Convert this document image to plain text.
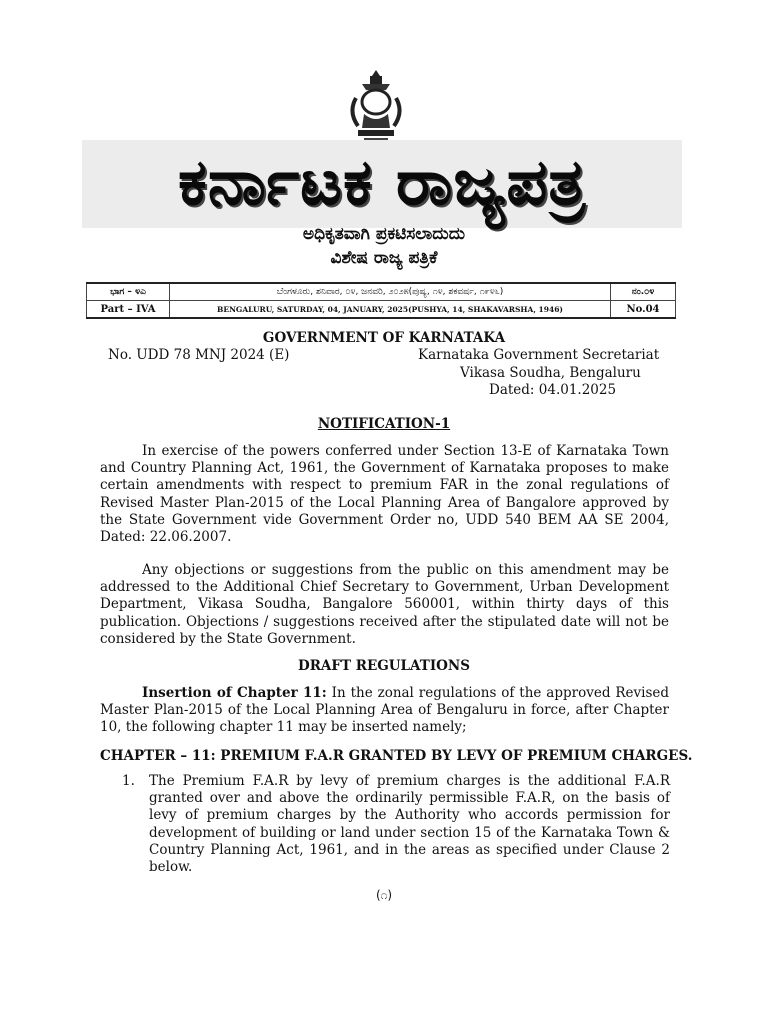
ಕರ್ನಾಟಕ ರಾಜ್ಯಪತ್ರ
ಅಧಿಕೃತವಾಗಿ ಪ್ರಕಟಿಸಲಾದುದು
ವಿಶೇಷ ರಾಜ್ಯ ಪತ್ರಿಕೆ
ಭಾಗ – ೪ಎ	ಬೆಂಗಳೂರು, ಶನಿವಾರ, ೦೪, ಜನವರಿ, ೨೦೨೫(ಪುಷ್ಯ, ೧೪, ಶಕವರ್ಷ, ೧೯೪೬)	ನಂ.೦೪
Part – IVA	BENGALURU, SATURDAY, 04, JANUARY, 2025(PUSHYA, 14, SHAKAVARSHA, 1946)	No.04
GOVERNMENT OF KARNATAKA
No. UDD 78 MNJ 2024 (E)	Karnataka Government Secretariat
Vikasa Soudha, Bengaluru
Dated: 04.01.2025
NOTIFICATION-1

In exercise of the powers conferred under Section 13-E of Karnataka Town and Country Planning Act, 1961, the Government of Karnataka proposes to make certain amendments with respect to premium FAR in the zonal regulations of Revised Master Plan-2015 of the Local Planning Area of Bangalore approved by the State Government vide Government Order no, UDD 540 BEM AA SE 2004, Dated: 22.06.2007.

Any objections or suggestions from the public on this amendment may be addressed to the Additional Chief Secretary to Government, Urban Development Department, Vikasa Soudha, Bangalore 560001, within thirty days of this publication. Objections / suggestions received after the stipulated date will not be considered by the State Government.

DRAFT REGULATIONS

Insertion of Chapter 11: In the zonal regulations of the approved Revised Master Plan-2015 of the Local Planning Area of Bengaluru in force, after Chapter 10, the following chapter 11 may be inserted namely;

CHAPTER – 11: PREMIUM F.A.R GRANTED BY LEVY OF PREMIUM CHARGES.
1. The Premium F.A.R by levy of premium charges is the additional F.A.R granted over and above the ordinarily permissible F.A.R, on the basis of levy of premium charges by the Authority who accords permission for development of building or land under section 15 of the Karnataka Town & Country Planning Act, 1961, and in the areas as specified under Clause 2 below.
(೧)
